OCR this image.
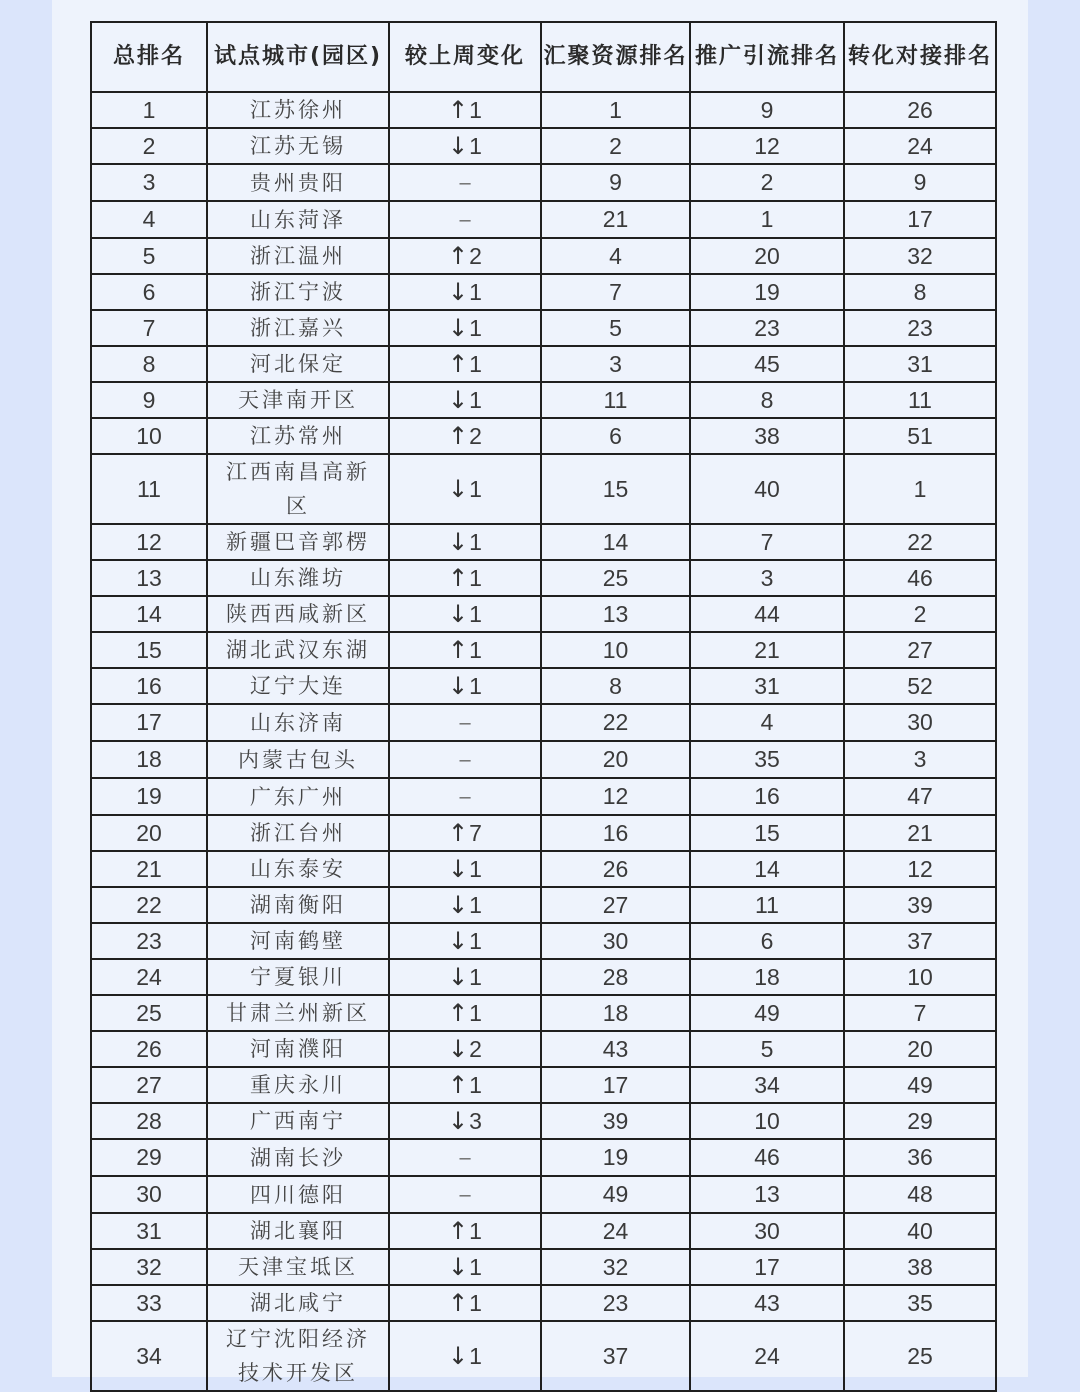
总排名	试点城市(园区)	较上周变化	汇聚资源排名	推广引流排名	转化对接排名
1	江苏徐州	↑ 1	1	9	26
2	江苏无锡	↓ 1	2	12	24
3	贵州贵阳	–	9	2	9
4	山东菏泽	–	21	1	17
5	浙江温州	↑ 2	4	20	32
6	浙江宁波	↓ 1	7	19	8
7	浙江嘉兴	↓ 1	5	23	23
8	河北保定	↑ 1	3	45	31
9	天津南开区	↓ 1	11	8	11
10	江苏常州	↑ 2	6	38	51
11	江西南昌高新区	↓ 1	15	40	1
12	新疆巴音郭楞	↓ 1	14	7	22
13	山东潍坊	↑ 1	25	3	46
14	陕西西咸新区	↓ 1	13	44	2
15	湖北武汉东湖	↑ 1	10	21	27
16	辽宁大连	↓ 1	8	31	52
17	山东济南	–	22	4	30
18	内蒙古包头	–	20	35	3
19	广东广州	–	12	16	47
20	浙江台州	↑ 7	16	15	21
21	山东泰安	↓ 1	26	14	12
22	湖南衡阳	↓ 1	27	11	39
23	河南鹤壁	↓ 1	30	6	37
24	宁夏银川	↓ 1	28	18	10
25	甘肃兰州新区	↑ 1	18	49	7
26	河南濮阳	↓ 2	43	5	20
27	重庆永川	↑ 1	17	34	49
28	广西南宁	↓ 3	39	10	29
29	湖南长沙	–	19	46	36
30	四川德阳	–	49	13	48
31	湖北襄阳	↑ 1	24	30	40
32	天津宝坻区	↓ 1	32	17	38
33	湖北咸宁	↑ 1	23	43	35
34	辽宁沈阳经济技术开发区	↓ 1	37	24	25
